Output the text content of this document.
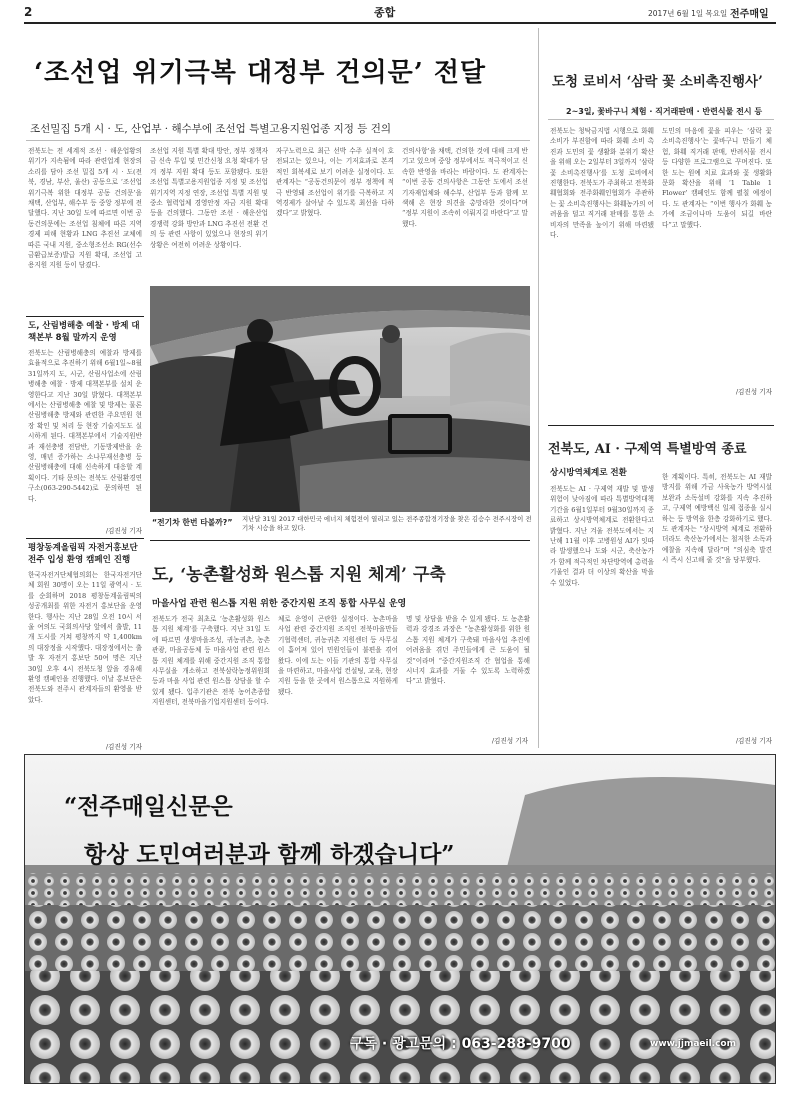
2	종합	2017년 6월 1일 목요일 전주매일
‘조선업 위기극복 대정부 건의문’ 전달
조선밀집 5개 시 · 도, 산업부 · 해수부에 조선업 특별고용지원업종 지정 등 건의
전북도는 전 세계적 조선 · 해운업황의 위기가 지속됨에 따라 관련업계 현장의 소리를 담아 조선 밀집 5개 시 · 도(전북, 경남, 부산, 울산) 공동으로 ‘조선업 위기극복 위한 대정부 공동 건의문’을 채택, 산업부, 해수부 등 중앙 정부에 전달했다. 지난 30일 도에 따르면 이번 공동건의문에는 조선업 침체에 따른 지역경제 피해 현황과 LNG 추진선 교체에 따른 국내 지원, 중소형조선소 RG(선수금환급보증)발급 지원 확대, 조선업 고용지원 지원 등이 담겼다.
조선업 지원 특별 확대 방안, 정부 정책자금 신속 투입 및 민간신청 요청 확대가 담겨 정부 지원 확대 등도 포함됐다. 또한 조선업 특별고용지원업종 지정 및 조선업 위기지역 지정 연장, 조선업 특별 지원 및 중소 협력업체 경영안정 자금 지원 확대 등을 건의했다. 그동안 조선 · 해운산업 경쟁력 강화 방안과 LNG 추진선 전환 건의 등 관련 사항이 있었으나 현장의 위기 상황은 여전히 어려운 상황이다.
자구노력으로 최근 선박 수주 실적이 호전되고는 있으나, 이는 기저효과로 본격적인 회복세로 보기 어려운 실정이다. 도 관계자는 “공동건의문이 정부 정책에 적극 반영돼 조선업이 위기를 극복하고 지역경제가 살아날 수 있도록 최선을 다하겠다”고 밝혔다.
건의사항’을 채택, 건의한 것에 대해 크게 반기고 있으며 중앙 정부에서도 적극적이고 신속한 반영을 바라는 바람이다. 도 관계자는 “이번 공동 건의사항은 그동안 도에서 조선기자재업체와 해수부, 산업부 등과 함께 모색해 온 현장 의견을 총망라한 것이다”며 “정부 지원이 조속히 이뤄지길 바란다”고 말했다.
도, 산림병해충 예찰 · 방제 대책본부 8월 말까지 운영
전북도는 산림병해충의 예찰과 방제를 효율적으로 추진하기 위해 6월1일~8월31일까지 도, 시군, 산림사업소에 산림병해충 예찰 · 방제 대책본부를 설치 운영한다고 지난 30일 밝혔다. 대책본부에서는 산림병해충 예찰 및 방제는 물론 산림병해충 방제와 관련한 주요민원 현장 확인 및 처리 등 현장 기술지도도 실시하게 된다. 대책본부에서 기술지원반과 재선충병 전담반, 기동방제반을 운영, 매년 증가하는 소나무재선충병 등 산림병해충에 대해 신속하게 대응할 계획이다. 기타 문의는 전북도 산림환경연구소(063-290-5442)로 문의하면 된다.
/김진성 기자
평창동계올림픽 자전거홍보단 전주 입성 환영 캠페인 진행
한국자전거단체협의회는 한국자전거단체 회원 30명이 오는 11일 광역시 · 도를 순회하며 2018 평창동계올림픽의 성공개최를 위한 자전거 홍보단을 운영한다. 행사는 지난 28일 오전 10시 서울 여의도 국회의사당 앞에서 출발, 11개 도시를 거쳐 평창까지 약 1,400km의 대장정을 시작했다. 대장정에서는 출발 후 자전거 홍보단 50여 명은 지난 30일 오후 4시 전북도청 앞을 경유해 환영 캠페인을 진행했다. 이날 홍보단은 전북도와 전주시 관계자들의 환영을 받았다.
/김진성 기자
“전기차 한번 타볼까?” 지난달 31일 2017 대한민국 에너지 체험전이 열리고 있는 전주종합경기장을 찾은 김승수 전주시장이 전기차 시승을 하고 있다.
도, ‘농촌활성화 원스톱 지원 체계’ 구축
마을사업 관련 원스톱 지원 위한 중간지원 조직 통합 사무실 운영
전북도가 전국 최초로 ‘농촌활성화 원스톱 지원 체계’를 구축했다. 지난 31일 도에 따르면 생생마을조성, 귀농귀촌, 농촌관광, 마을공동체 등 마을사업 관련 원스톱 지원 체계를 위해 중간지원 조직 통합 사무실을 개소하고 전북삼락농정위원회 등과 마을 사업 관련 원스톱 상담을 할 수 있게 됐다. 입주기관은 전북 농어촌종합지원센터, 전북마을기업지원센터 등이다.
체로 운영이 곤란한 실정이다. 농촌마을 사업 관련 중간지원 조직인 전북마을만들기협력센터, 귀농귀촌 지원센터 등 사무실이 흩어져 있어 민원인들이 불편을 겪어 왔다. 이에 도는 이들 기관의 통합 사무실을 마련하고, 마을사업 컨설팅, 교육, 현장 지원 등을 한 곳에서 원스톱으로 지원하게 됐다.
명 및 상담을 받을 수 있게 됐다. 도 농촌활력과 강경조 과장은 “농촌활성화를 위한 원스톱 지원 체계가 구축돼 마을사업 추진에 어려움을 겪던 주민들에게 큰 도움이 될 것”이라며 “중간지원조직 간 협업을 통해 시너지 효과를 거둘 수 있도록 노력하겠다”고 밝혔다.
/김진성 기자
도청 로비서 ‘삼락 꽃 소비촉진행사’
2~3일, 꽃바구니 체험 · 직거래판매 · 반련식물 전시 등
전북도는 청탁금지법 시행으로 화훼 소비가 부진함에 따라 화훼 소비 촉진과 도민의 꽃 생활화 분위기 확산을 위해 오는 2일부터 3일까지 ‘삼락 꽃 소비촉진행사’를 도청 로비에서 진행한다. 전북도가 주최하고 전북화훼협회와 전주화훼인협회가 주관하는 꽃 소비촉진행사는 화훼농가의 어려움을 덜고 직거래 판매를 통한 소비자의 만족을 높이기 위해 마련됐다.
도민의 마음에 꽃을 피우는 ‘삼락 꽃 소비촉진행사’는 꽃바구니 만들기 체험, 화훼 직거래 판매, 반려식물 전시 등 다양한 프로그램으로 꾸며진다. 또한 도는 원예 치료 효과와 꽃 생활화 문화 확산을 위해 ‘1 Table 1 Flower’ 캠페인도 함께 펼칠 예정이다. 도 관계자는 “이번 행사가 화훼 농가에 조금이나마 도움이 되길 바란다”고 말했다.
/김진성 기자
전북도, AI · 구제역 특별방역 종료
상시방역체계로 전환
전북도는 AI · 구제역 재발 및 발생위험이 낮아짐에 따라 특별방역대책기간을 6월1일부터 9월30일까지 종료하고 상시방역체계로 전환한다고 밝혔다. 지난 겨울 전북도에서는 지난해 11월 이후 고병원성 AI가 잇따라 발생했으나 도와 시군, 축산농가가 함께 적극적인 차단방역에 총력을 기울인 결과 더 이상의 확산을 막을 수 있었다.
한 계획이다. 특히, 전북도는 AI 재발 방지를 위해 가금 사육농가 방역시설 보완과 소독설비 강화를 지속 추진하고, 구제역 예방백신 일제 접종을 실시하는 등 방역을 한층 강화하기로 했다. 도 관계자는 “상시방역 체계로 전환하더라도 축산농가에서는 철저한 소독과 예찰을 지속해 달라”며 “의심축 발견 시 즉시 신고해 줄 것”을 당부했다.
/김진성 기자
“전주매일신문은
항상 도민여러분과 함께 하겠습니다”
구독 · 광고문의 : 063-288-9700	www.jjmaeil.com
